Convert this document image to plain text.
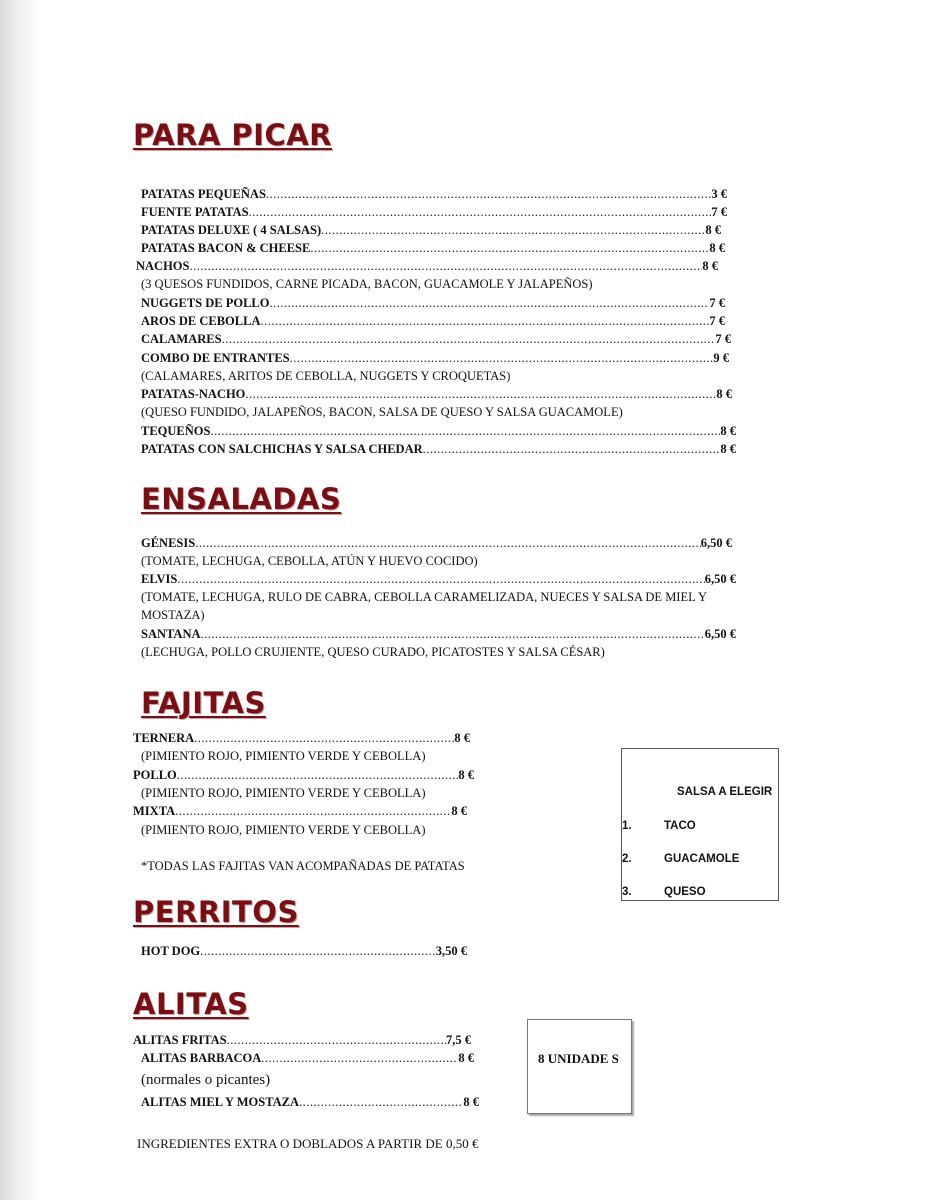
PARA PICAR
PATATAS PEQUEÑAS .....	3 €
FUENTE PATATAS .....	7 €
PATATAS DELUXE ( 4 SALSAS) .....	8 €
PATATAS BACON & CHEESE .....	8 €
NACHOS .....	8 €
(3 QUESOS FUNDIDOS, CARNE PICADA, BACON, GUACAMOLE Y JALAPEÑOS)
NUGGETS DE POLLO .....	7 €
AROS DE CEBOLLA .....	7 €
CALAMARES .....	7 €
COMBO DE ENTRANTES .....	9 €
(CALAMARES, ARITOS DE CEBOLLA, NUGGETS Y CROQUETAS)
PATATAS-NACHO .....	8 €
(QUESO FUNDIDO, JALAPEÑOS, BACON, SALSA DE QUESO Y SALSA GUACAMOLE)
TEQUEÑOS .....	8 €
PATATAS CON SALCHICHAS Y SALSA CHEDAR .....	8 €
ENSALADAS
GÉNESIS .....	6,50 €
(TOMATE, LECHUGA, CEBOLLA, ATÚN Y HUEVO COCIDO)
ELVIS .....	6,50 €
(TOMATE, LECHUGA, RULO DE CABRA, CEBOLLA CARAMELIZADA, NUECES Y SALSA DE MIEL Y
MOSTAZA)
SANTANA .....	6,50 €
(LECHUGA, POLLO CRUJIENTE, QUESO CURADO, PICATOSTES Y SALSA CÉSAR)
FAJITAS
TERNERA .....	8 €
(PIMIENTO ROJO, PIMIENTO VERDE Y CEBOLLA)
POLLO .....	8 €
(PIMIENTO ROJO, PIMIENTO VERDE Y CEBOLLA)
MIXTA .....	8 €
(PIMIENTO ROJO, PIMIENTO VERDE Y CEBOLLA)
*TODAS LAS FAJITAS VAN ACOMPAÑADAS DE PATATAS
SALSA A ELEGIR
1.	TACO
2.	GUACAMOLE
3.	QUESO
PERRITOS
HOT DOG .....	3,50 €
ALITAS
ALITAS FRITAS .....	7,5 €
ALITAS BARBACOA .....	8 €
(normales o picantes)
ALITAS MIEL Y MOSTAZA .....	8 €
8 UNIDADE S
INGREDIENTES EXTRA O DOBLADOS A PARTIR DE 0,50 €
